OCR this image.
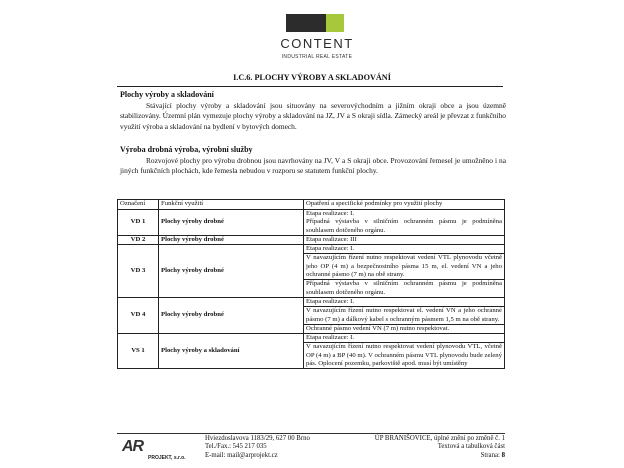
CONTENT
INDUSTRIAL REAL ESTATE
I.C.6. PLOCHY VÝROBY A SKLADOVÁNÍ
Plochy výroby a skladování
Stávající plochy výroby a skladování jsou situovány na severovýchodním a jižním okraji obce a jsou územně stabilizovány. Územní plán vymezuje plochy výroby a skladování na JZ, JV a S okraji sídla. Zámecký areál je převzat z funkčního využití výroba a skladování na bydlení v bytových domech.
Výroba drobná výroba, výrobní služby
Rozvojové plochy pro výrobu drobnou jsou navrhovány na JV, V a S okraji obce. Provozování řemesel je umožněno i na jiných funkčních plochách, kde řemesla nebudou v rozporu se statutem funkční plochy.
Označení	Funkční využití	Opatření a specifické podmínky pro využití plochy
VD 1	Plochy výroby drobné	Etapa realizace: I.
Případná výstavba v silničním ochranném pásmu je podmíněna souhlasem dotčeného orgánu.

VD 2	Plochy výroby drobné	Etapa realizace: III

VD 3	Plochy výroby drobné	Etapa realizace: I.
V navazujícím řízení nutno respektovat vedení VTL plynovodu včetně jeho OP (4 m) a bezpečnostního pásma 15 m, el. vedení VN a jeho ochranné pásmo (7 m) na obě strany.
Případná výstavba v silničním ochranném pásmu je podmíněna souhlasem dotčeného orgánu.

VD 4	Plochy výroby drobné	Etapa realizace: I.
V navazujícím řízení nutno respektovat el. vedení VN a jeho ochranné pásmo (7 m) a dálkový kabel s ochranným pásmem 1,5 m na obě strany.
Ochranné pásmo vedení VN (7 m) nutno respektovat.

VS 1	Plochy výroby a skladování	Etapa realizace: I.
V navazujícím řízení nutno respektovat vedení plynovodu VTL, včetně OP (4 m) a BP (40 m). V ochranném pásmu VTL plynovodu bude zelený pás. Oplocení pozemku, parkoviště apod. musí být umístěny
AR
PROJEKT, s.r.o.
Hviezdoslavova 1183/29, 627 00 Brno
Tel./Fax.: 545 217 035
E-mail: mail@arprojekt.cz
ÚP BRANIŠOVICE, úplné znění po změně č. 1
Textová a tabulková část
Strana: 8
